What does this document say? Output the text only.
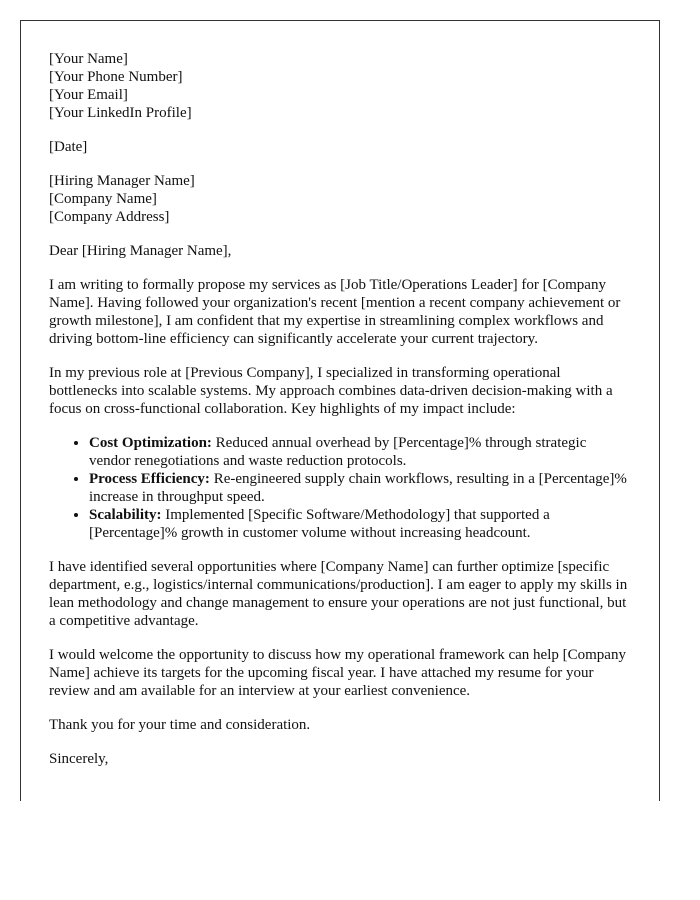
[Your Name]
[Your Phone Number]
[Your Email]
[Your LinkedIn Profile]

[Date]

[Hiring Manager Name]
[Company Name]
[Company Address]

Dear [Hiring Manager Name],

I am writing to formally propose my services as [Job Title/Operations Leader] for [Company Name]. Having followed your organization's recent [mention a recent company achievement or growth milestone], I am confident that my expertise in streamlining complex workflows and driving bottom-line efficiency can significantly accelerate your current trajectory.

In my previous role at [Previous Company], I specialized in transforming operational bottlenecks into scalable systems. My approach combines data-driven decision-making with a focus on cross-functional collaboration. Key highlights of my impact include:

• Cost Optimization: Reduced annual overhead by [Percentage]% through strategic vendor renegotiations and waste reduction protocols.
• Process Efficiency: Re-engineered supply chain workflows, resulting in a [Percentage]% increase in throughput speed.
• Scalability: Implemented [Specific Software/Methodology] that supported a [Percentage]% growth in customer volume without increasing headcount.

I have identified several opportunities where [Company Name] can further optimize [specific department, e.g., logistics/internal communications/production]. I am eager to apply my skills in lean methodology and change management to ensure your operations are not just functional, but a competitive advantage.

I would welcome the opportunity to discuss how my operational framework can help [Company Name] achieve its targets for the upcoming fiscal year. I have attached my resume for your review and am available for an interview at your earliest convenience.

Thank you for your time and consideration.

Sincerely,
